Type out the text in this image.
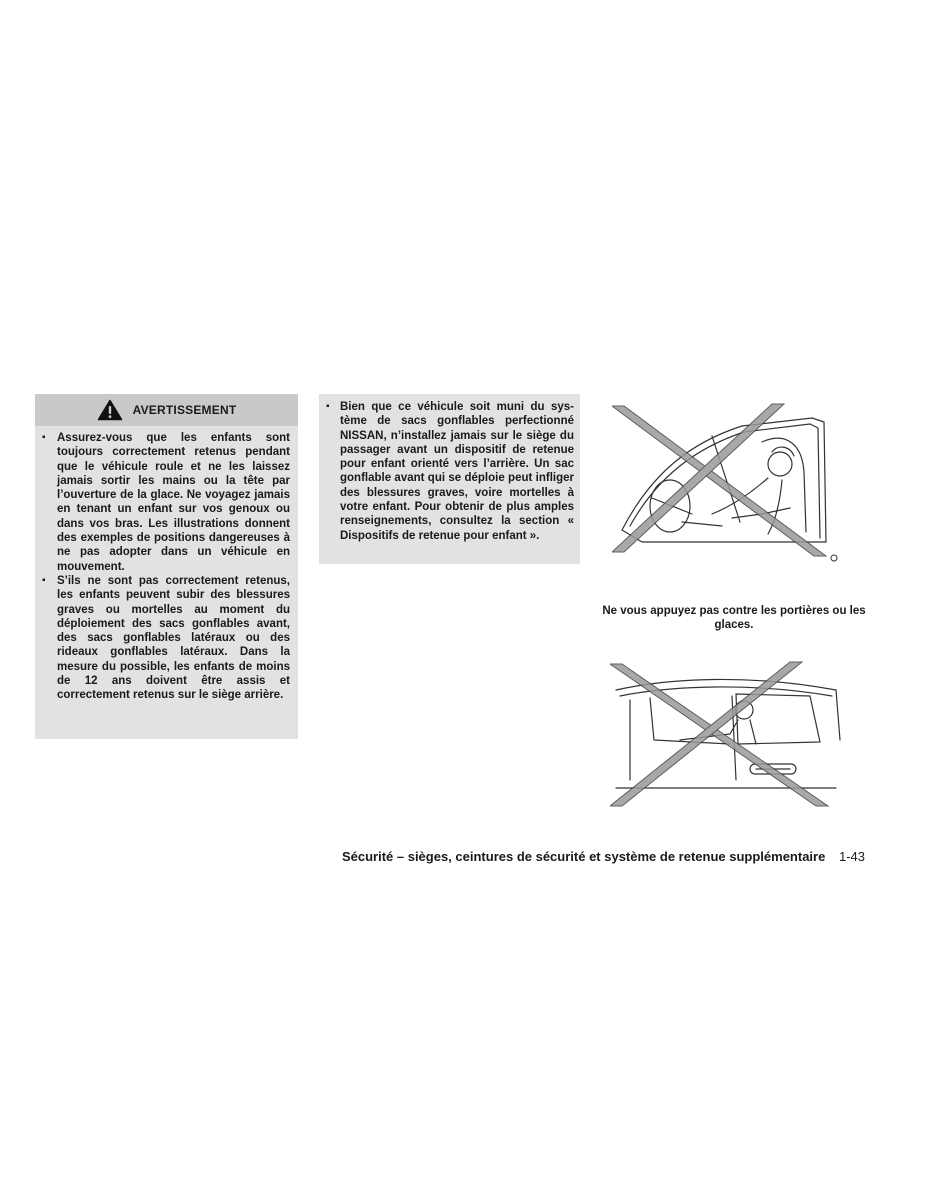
AVERTISSEMENT
▪ Assurez-vous que les enfants sont toujours correctement retenus pendant que le véhicule roule et ne les laissez jamais sortir les mains ou la tête par l’ouverture de la glace. Ne voyagez jamais en tenant un enfant sur vos genoux ou dans vos bras. Les illustrations donnent des exemples de positions dangereuses à ne pas adopter dans un véhicule en mouvement.
▪ S’ils ne sont pas correctement retenus, les enfants peuvent subir des blessures graves ou mortelles au moment du déploiement des sacs gonflables avant, des sacs gonflables latéraux ou des rideaux gonflables latéraux. Dans la mesure du possible, les enfants de moins de 12 ans doivent être assis et correctement retenus sur le siège arrière.
▪ Bien que ce véhicule soit muni du système de sacs gonflables perfectionné NISSAN, n’installez jamais sur le siège du passager avant un dispositif de retenue pour enfant orienté vers l’arrière. Un sac gonflable avant qui se déploie peut infliger des blessures graves, voire mortelles à votre enfant. Pour obtenir de plus amples renseignements, consultez la section « Dispositifs de retenue pour enfant ».

Ne vous appuyez pas contre les portières ou les glaces.

Sécurité – sièges, ceintures de sécurité et système de retenue supplémentaire 1-43
